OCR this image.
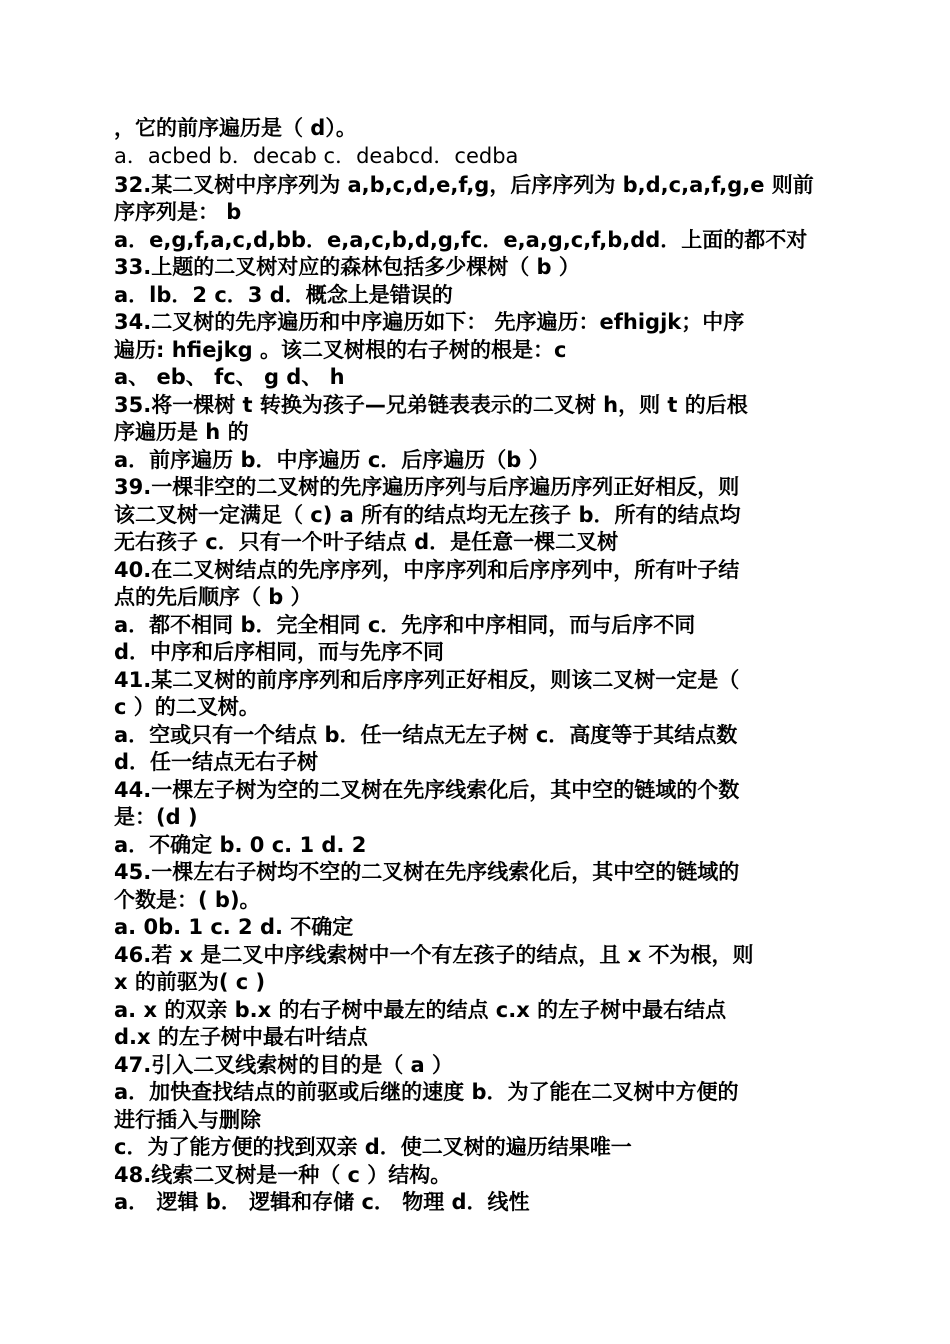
，它的前序遍历是（ d）。
a．acbed b．decab c．deabcd．cedba
32.某二叉树中序序列为 a,b,c,d,e,f,g，后序序列为 b,d,c,a,f,g,e 则前
序序列是： b
a．e,g,f,a,c,d,bb．e,a,c,b,d,g,fc．e,a,g,c,f,b,dd．上面的都不对
33.上题的二叉树对应的森林包括多少棵树（ b ）
a．lb．2 c．3 d．概念上是错误的
34.二叉树的先序遍历和中序遍历如下： 先序遍历：efhigjk；中序
遍历: hfiejkg 。该二叉树根的右子树的根是：c
a、 eb、 fc、 g d、 h
35.将一棵树 t 转换为孩子—兄弟链表表示的二叉树 h，则 t 的后根
序遍历是 h 的
a．前序遍历 b．中序遍历 c．后序遍历（b ）
39.一棵非空的二叉树的先序遍历序列与后序遍历序列正好相反，则
该二叉树一定满足（ c) a 所有的结点均无左孩子 b．所有的结点均
无右孩子 c．只有一个叶子结点 d．是任意一棵二叉树
40.在二叉树结点的先序序列，中序序列和后序序列中，所有叶子结
点的先后顺序（ b ）
a．都不相同 b．完全相同 c．先序和中序相同，而与后序不同
d．中序和后序相同，而与先序不同
41.某二叉树的前序序列和后序序列正好相反，则该二叉树一定是（
c ）的二叉树。
a．空或只有一个结点 b．任一结点无左子树 c．高度等于其结点数
d．任一结点无右子树
44.一棵左子树为空的二叉树在先序线索化后，其中空的链域的个数
是：(d )
a．不确定 b. 0 c. 1 d. 2
45.一棵左右子树均不空的二叉树在先序线索化后，其中空的链域的
个数是：( b)。
a. 0b. 1 c. 2 d. 不确定
46.若 x 是二叉中序线索树中一个有左孩子的结点，且 x 不为根，则
x 的前驱为( c )
a. x 的双亲 b.x 的右子树中最左的结点 c.x 的左子树中最右结点
d.x 的左子树中最右叶结点
47.引入二叉线索树的目的是（ a ）
a．加快查找结点的前驱或后继的速度 b．为了能在二叉树中方便的
进行插入与删除
c．为了能方便的找到双亲 d．使二叉树的遍历结果唯一
48.线索二叉树是一种（ c ）结构。
a． 逻辑 b． 逻辑和存储 c． 物理 d．线性
